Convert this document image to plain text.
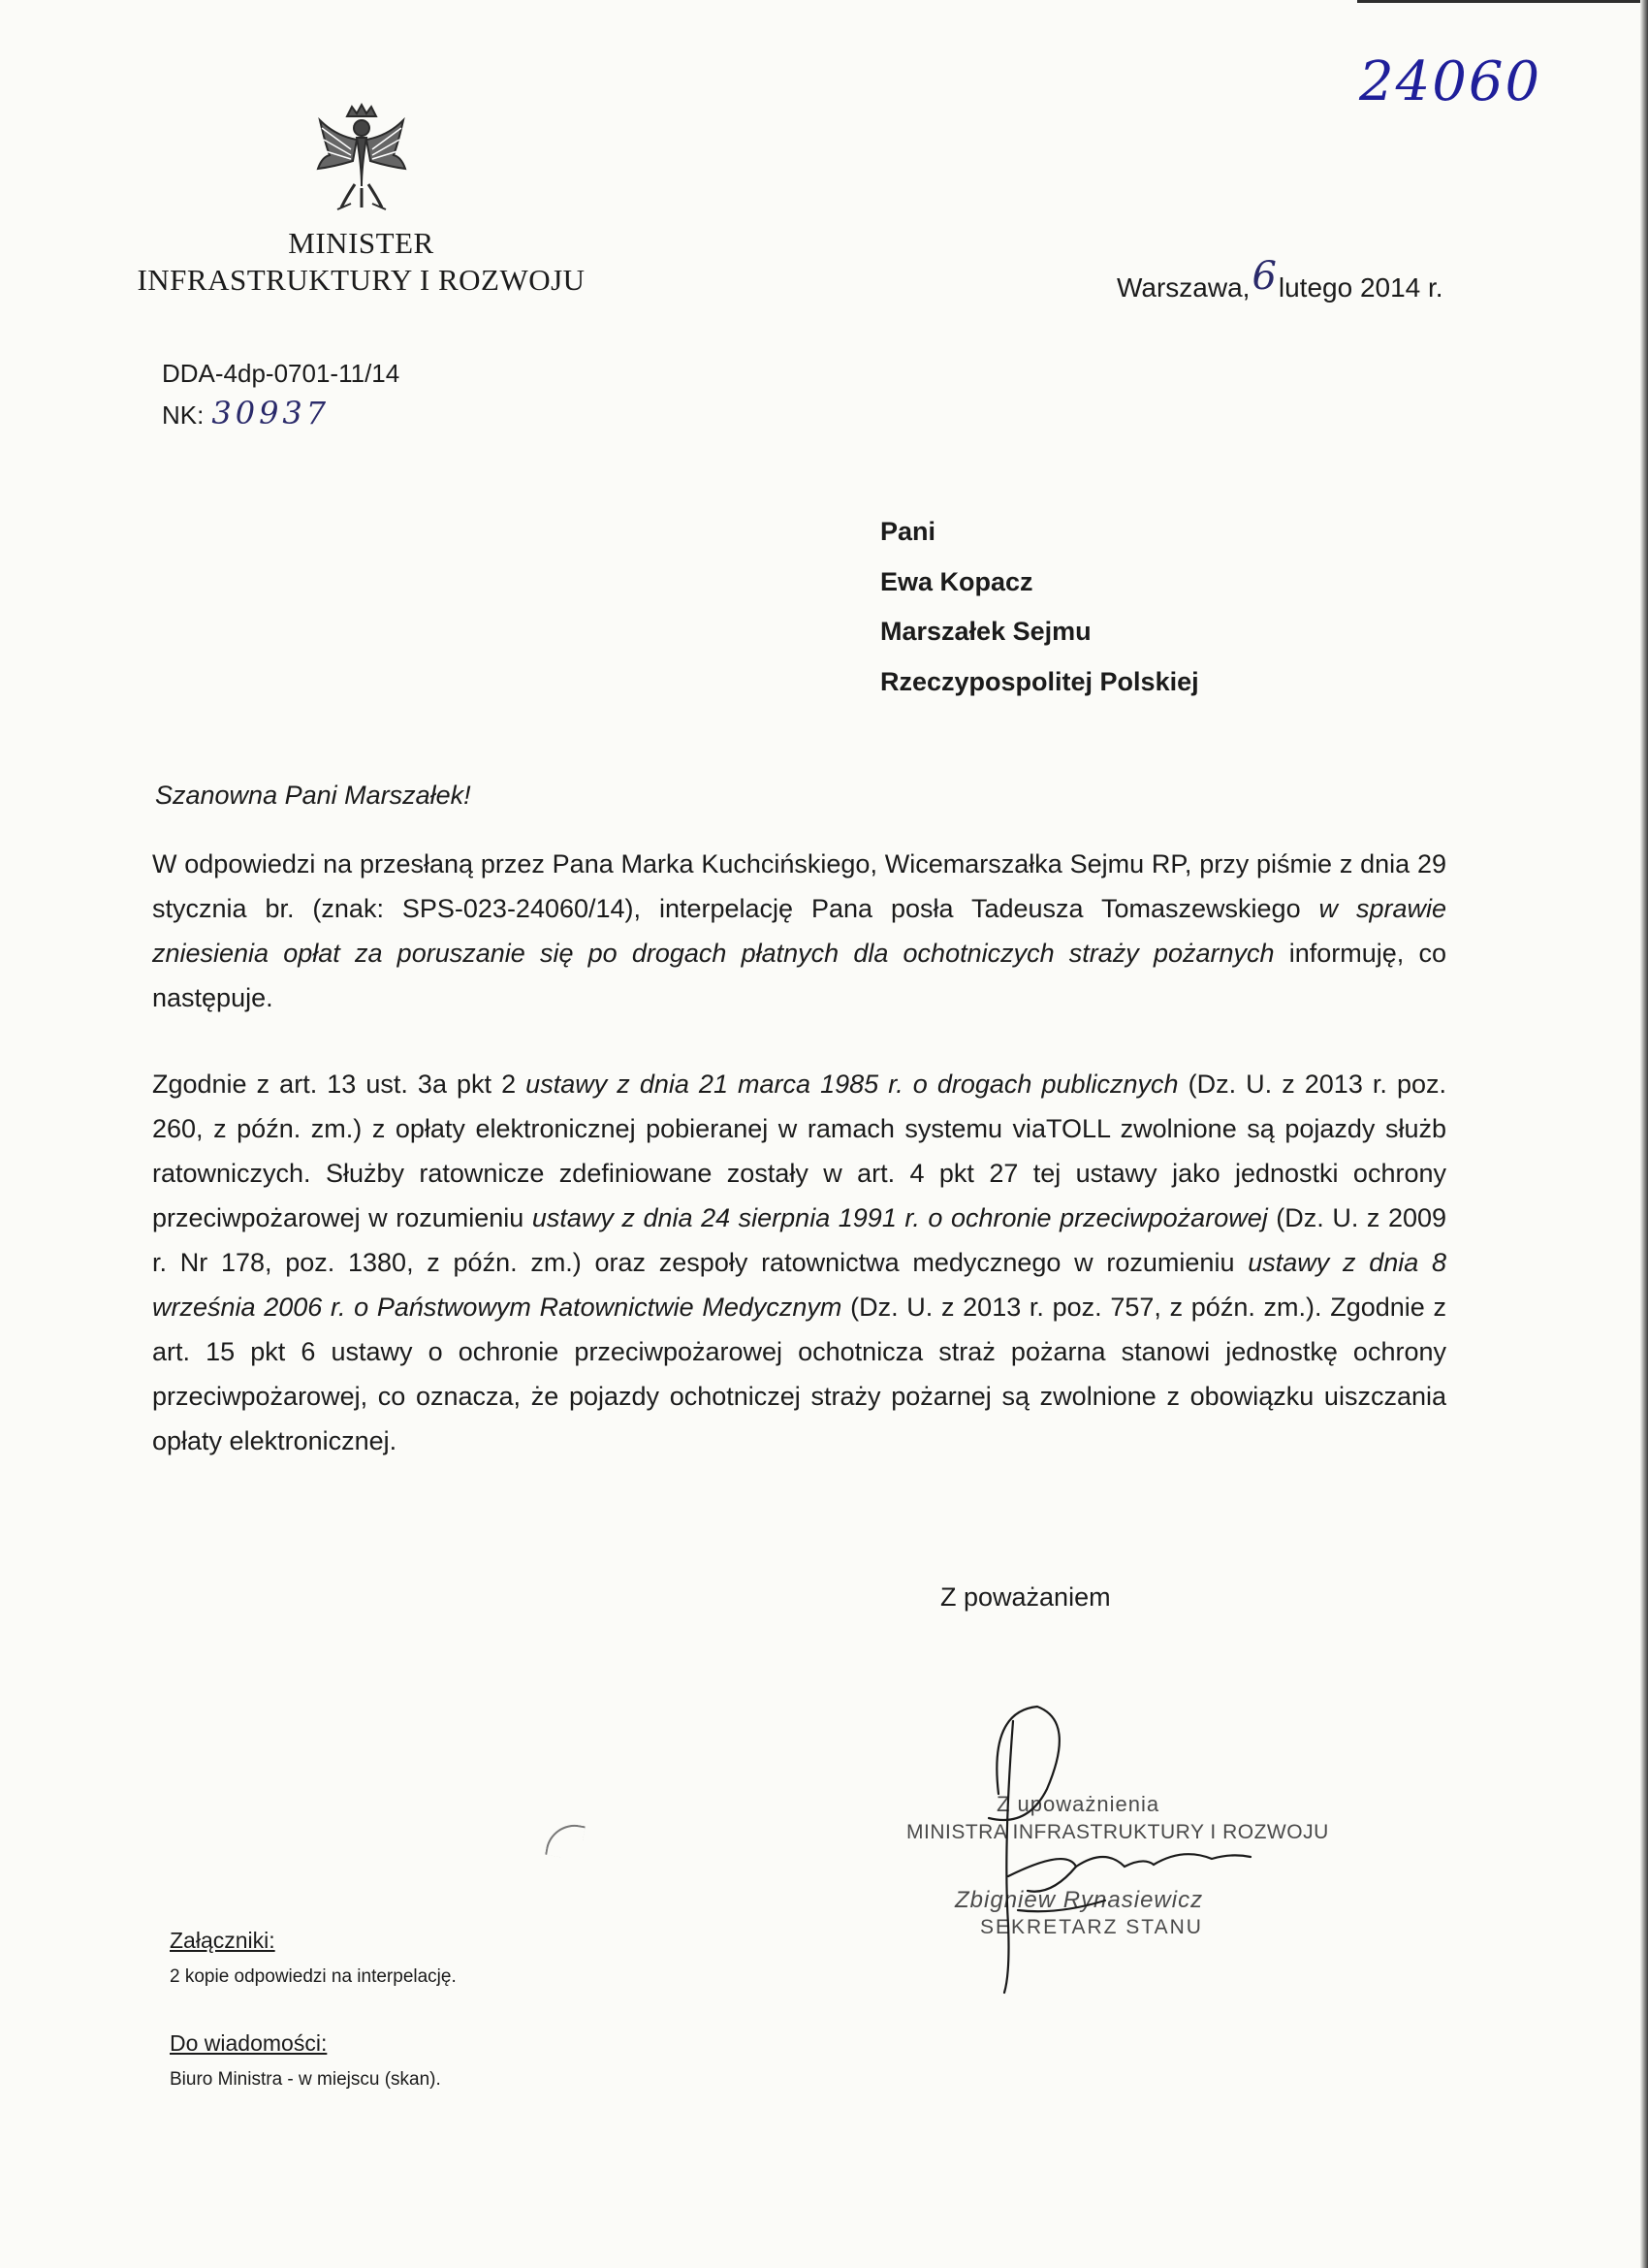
24060
MINISTER
INFRASTRUKTURY I ROZWOJU	Warszawa,6lutego 2014 r.
DDA-4dp-0701-11/14
NK: 30937
Pani
Ewa Kopacz
Marszałek Sejmu
Rzeczypospolitej Polskiej
Szanowna Pani Marszałek!
W odpowiedzi na przesłaną przez Pana Marka Kuchcińskiego, Wicemarszałka Sejmu RP, przy piśmie z dnia 29 stycznia br. (znak: SPS-023-24060/14), interpelację Pana posła Tadeusza Tomaszewskiego w sprawie zniesienia opłat za poruszanie się po drogach płatnych dla ochotniczych straży pożarnych informuję, co następuje.
Zgodnie z art. 13 ust. 3a pkt 2 ustawy z dnia 21 marca 1985 r. o drogach publicznych (Dz. U. z 2013 r. poz. 260, z późn. zm.) z opłaty elektronicznej pobieranej w ramach systemu viaTOLL zwolnione są pojazdy służb ratowniczych. Służby ratownicze zdefiniowane zostały w art. 4 pkt 27 tej ustawy jako jednostki ochrony przeciwpożarowej w rozumieniu ustawy z dnia 24 sierpnia 1991 r. o ochronie przeciwpożarowej (Dz. U. z 2009 r. Nr 178, poz. 1380, z późn. zm.) oraz zespoły ratownictwa medycznego w rozumieniu ustawy z dnia 8 września 2006 r. o Państwowym Ratownictwie Medycznym (Dz. U. z 2013 r. poz. 757, z późn. zm.). Zgodnie z art. 15 pkt 6 ustawy o ochronie przeciwpożarowej ochotnicza straż pożarna stanowi jednostkę ochrony przeciwpożarowej, co oznacza, że pojazdy ochotniczej straży pożarnej są zwolnione z obowiązku uiszczania opłaty elektronicznej.
Z poważaniem
Z upoważnienia
MINISTRA INFRASTRUKTURY I ROZWOJU
Zbigniew Rynasiewicz
SEKRETARZ STANU
Załączniki:
2 kopie odpowiedzi na interpelację.
Do wiadomości:
Biuro Ministra - w miejscu (skan).
